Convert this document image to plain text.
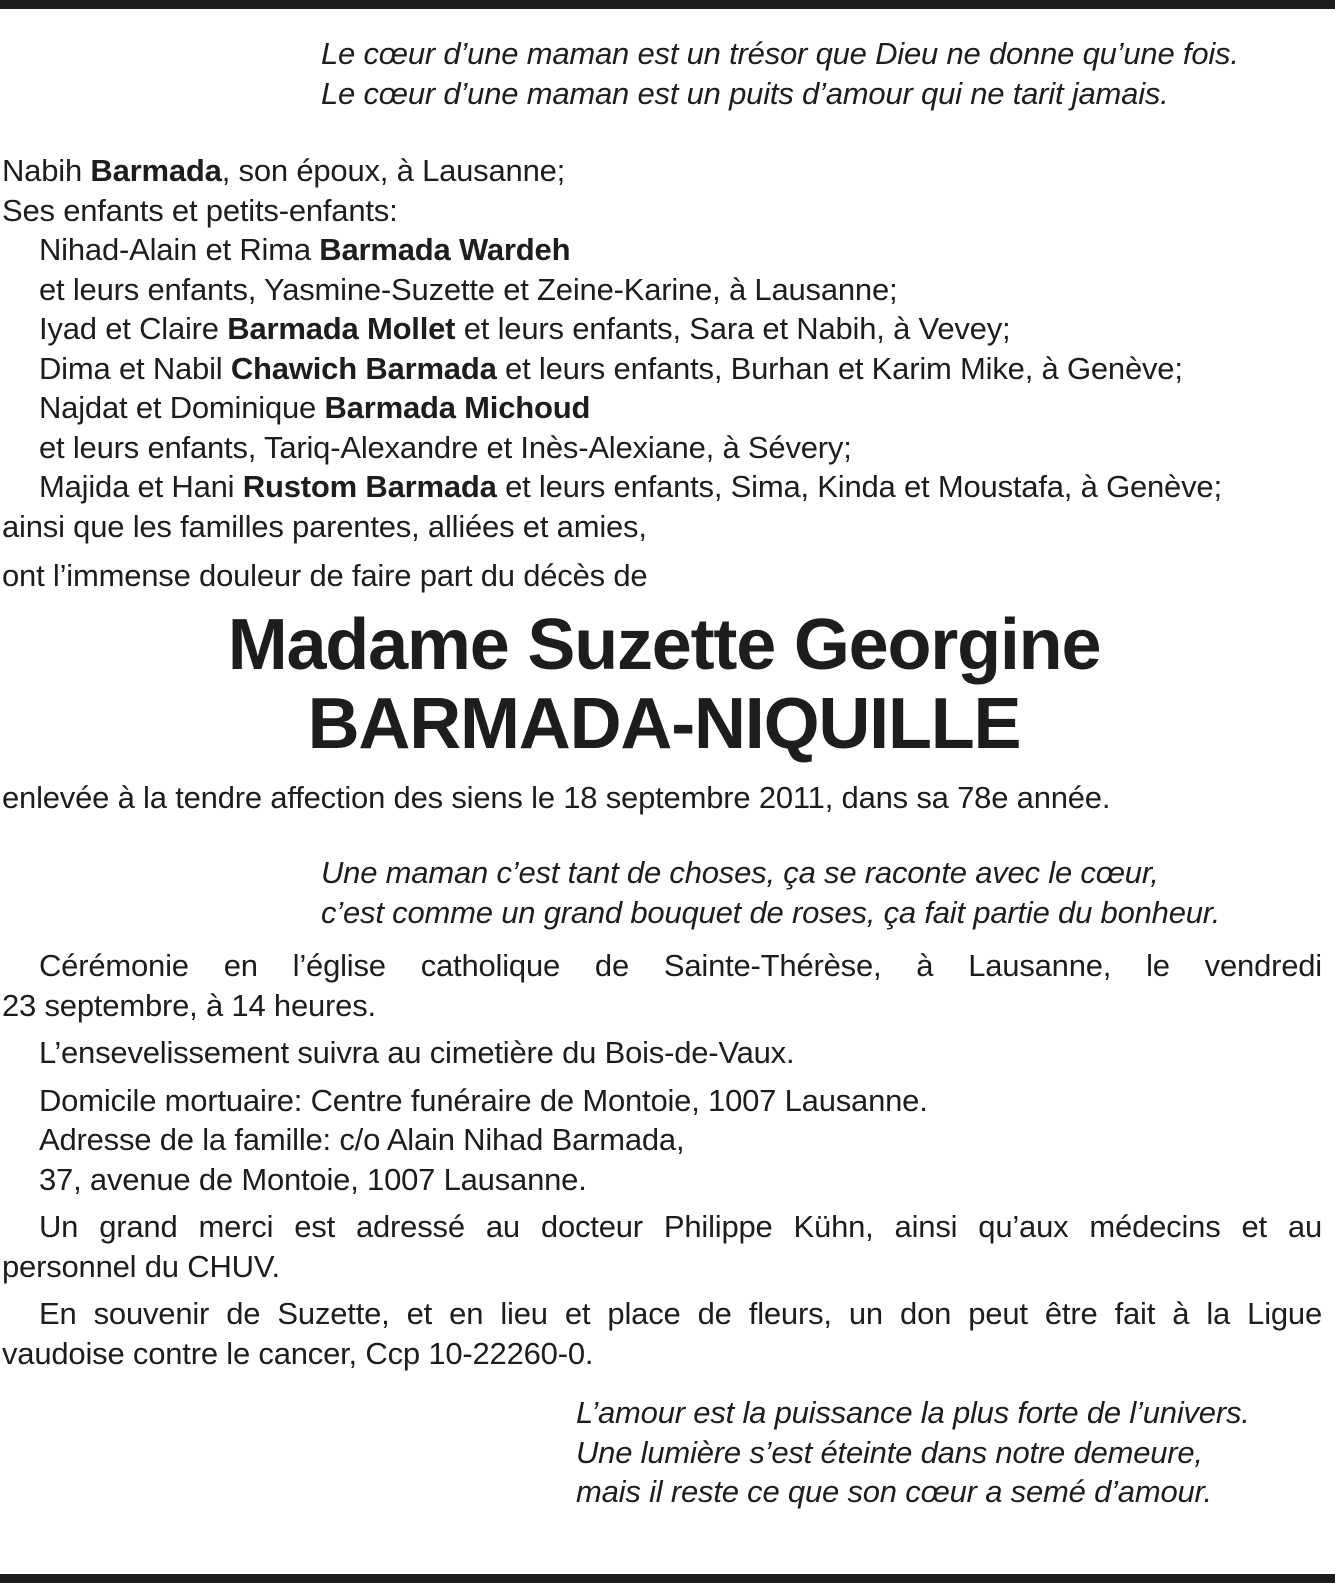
Le cœur d’une maman est un trésor que Dieu ne donne qu’une fois.
Le cœur d’une maman est un puits d’amour qui ne tarit jamais.
Nabih Barmada, son époux, à Lausanne;
Ses enfants et petits-enfants:
Nihad-Alain et Rima Barmada Wardeh
et leurs enfants, Yasmine-Suzette et Zeine-Karine, à Lausanne;
Iyad et Claire Barmada Mollet et leurs enfants, Sara et Nabih, à Vevey;
Dima et Nabil Chawich Barmada et leurs enfants, Burhan et Karim Mike, à Genève;
Najdat et Dominique Barmada Michoud
et leurs enfants, Tariq-Alexandre et Inès-Alexiane, à Sévery;
Majida et Hani Rustom Barmada et leurs enfants, Sima, Kinda et Moustafa, à Genève;
ainsi que les familles parentes, alliées et amies,
ont l’immense douleur de faire part du décès de
Madame Suzette Georgine
BARMADA-NIQUILLE
enlevée à la tendre affection des siens le 18 septembre 2011, dans sa 78e année.
Une maman c’est tant de choses, ça se raconte avec le cœur,
c’est comme un grand bouquet de roses, ça fait partie du bonheur.
Cérémonie en l’église catholique de Sainte-Thérèse, à Lausanne, le vendredi
23 septembre, à 14 heures.
L’ensevelissement suivra au cimetière du Bois-de-Vaux.
Domicile mortuaire: Centre funéraire de Montoie, 1007 Lausanne.
Adresse de la famille: c/o Alain Nihad Barmada,
37, avenue de Montoie, 1007 Lausanne.
Un grand merci est adressé au docteur Philippe Kühn, ainsi qu’aux médecins et au
personnel du CHUV.
En souvenir de Suzette, et en lieu et place de fleurs, un don peut être fait à la Ligue
vaudoise contre le cancer, Ccp 10-22260-0.
L’amour est la puissance la plus forte de l’univers.
Une lumière s’est éteinte dans notre demeure,
mais il reste ce que son cœur a semé d’amour.
